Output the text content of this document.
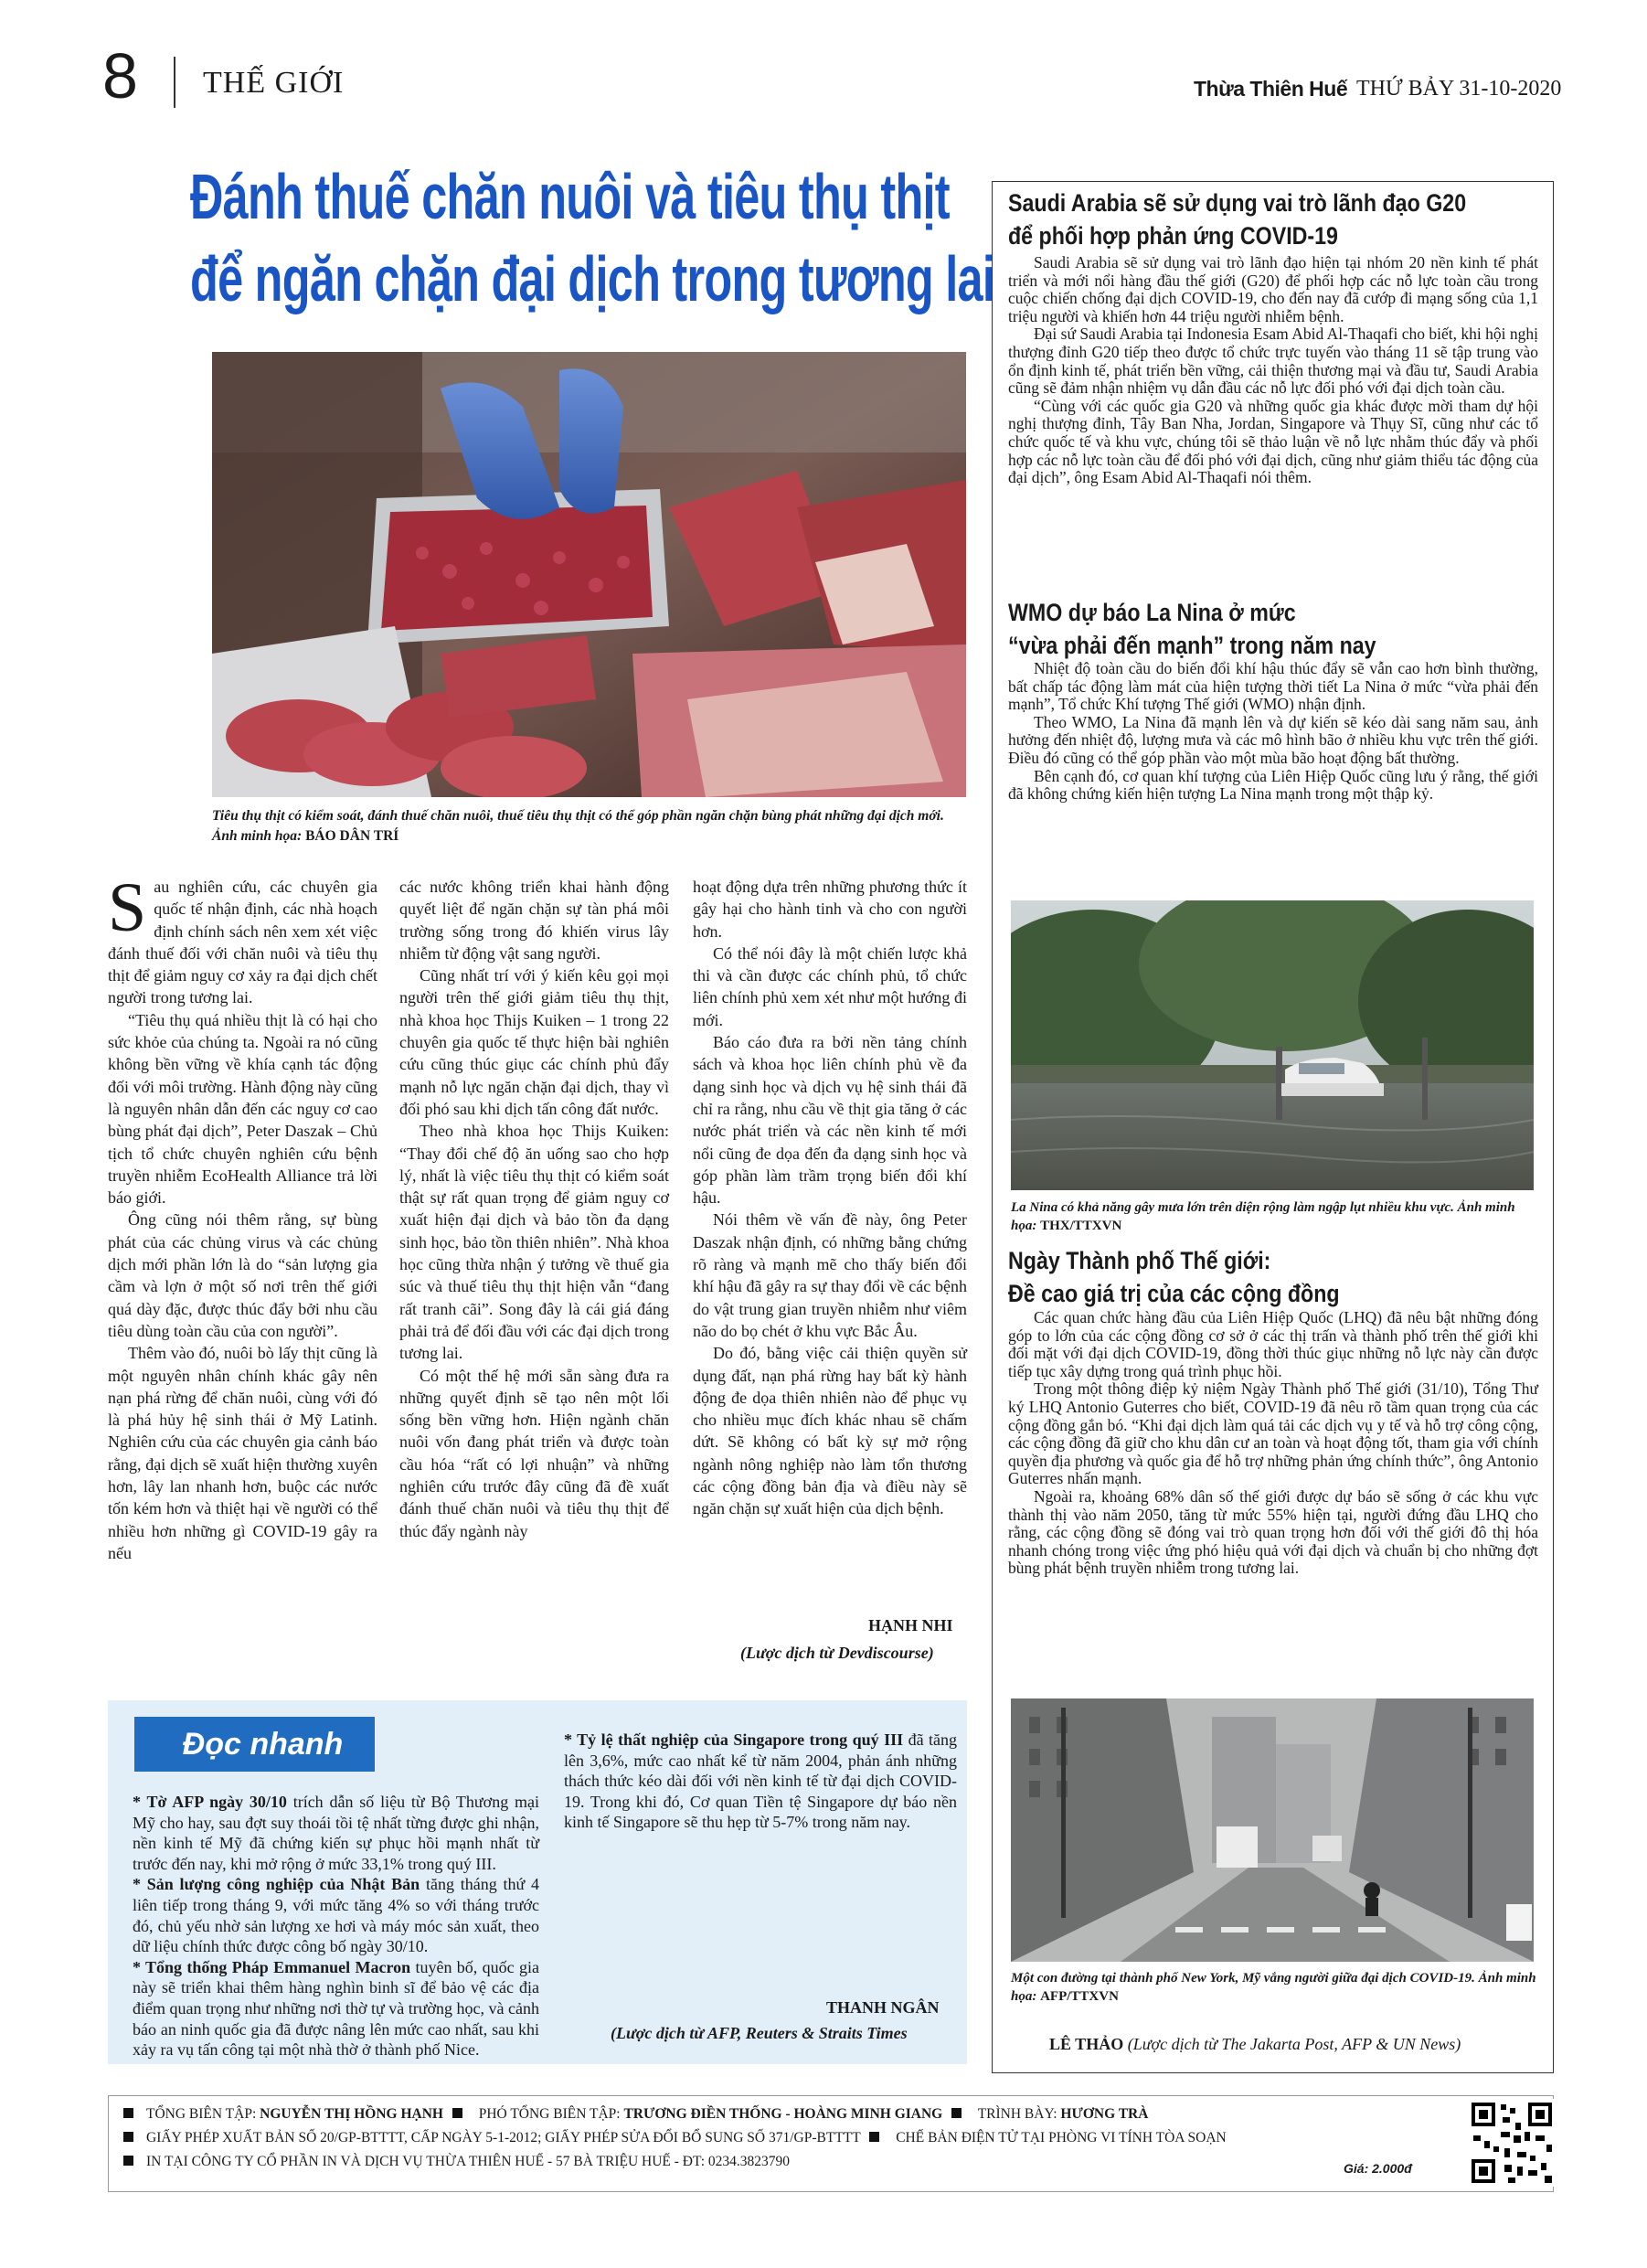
8 THẾ GIỚI	Thừa Thiên Huế THỨ BẢY 31-10-2020
Đánh thuế chăn nuôi và tiêu thụ thịt
để ngăn chặn đại dịch trong tương lai
Tiêu thụ thịt có kiểm soát, đánh thuế chăn nuôi, thuế tiêu thụ thịt có thể góp phần ngăn chặn bùng phát những đại dịch mới. Ảnh minh họa: BÁO DÂN TRÍ

Sau nghiên cứu, các chuyên gia quốc tế nhận định, các nhà hoạch định chính sách nên xem xét việc đánh thuế đối với chăn nuôi và tiêu thụ thịt để giảm nguy cơ xảy ra đại dịch chết người trong tương lai.

“Tiêu thụ quá nhiều thịt là có hại cho sức khỏe của chúng ta. Ngoài ra nó cũng không bền vững về khía cạnh tác động đối với môi trường. Hành động này cũng là nguyên nhân dẫn đến các nguy cơ cao bùng phát đại dịch”, Peter Daszak – Chủ tịch tổ chức chuyên nghiên cứu bệnh truyền nhiễm EcoHealth Alliance trả lời báo giới.

Ông cũng nói thêm rằng, sự bùng phát của các chủng virus và các chủng dịch mới phần lớn là do “sản lượng gia cầm và lợn ở một số nơi trên thế giới quá dày đặc, được thúc đẩy bởi nhu cầu tiêu dùng toàn cầu của con người”.

Thêm vào đó, nuôi bò lấy thịt cũng là một nguyên nhân chính khác gây nên nạn phá rừng để chăn nuôi, cùng với đó là phá hủy hệ sinh thái ở Mỹ Latinh. Nghiên cứu của các chuyên gia cảnh báo rằng, đại dịch sẽ xuất hiện thường xuyên hơn, lây lan nhanh hơn, buộc các nước tốn kém hơn và thiệt hại về người có thể nhiều hơn những gì COVID-19 gây ra nếu

các nước không triển khai hành động quyết liệt để ngăn chặn sự tàn phá môi trường sống trong đó khiến virus lây nhiễm từ động vật sang người.

Cũng nhất trí với ý kiến kêu gọi mọi người trên thế giới giảm tiêu thụ thịt, nhà khoa học Thijs Kuiken – 1 trong 22 chuyên gia quốc tế thực hiện bài nghiên cứu cũng thúc giục các chính phủ đẩy mạnh nỗ lực ngăn chặn đại dịch, thay vì đối phó sau khi dịch tấn công đất nước.

Theo nhà khoa học Thijs Kuiken: “Thay đổi chế độ ăn uống sao cho hợp lý, nhất là việc tiêu thụ thịt có kiểm soát thật sự rất quan trọng để giảm nguy cơ xuất hiện đại dịch và bảo tồn đa dạng sinh học, bảo tồn thiên nhiên”. Nhà khoa học cũng thừa nhận ý tưởng về thuế gia súc và thuế tiêu thụ thịt hiện vẫn “đang rất tranh cãi”. Song đây là cái giá đáng phải trả để đối đầu với các đại dịch trong tương lai.

Có một thế hệ mới sẵn sàng đưa ra những quyết định sẽ tạo nên một lối sống bền vững hơn. Hiện ngành chăn nuôi vốn đang phát triển và được toàn cầu hóa “rất có lợi nhuận” và những nghiên cứu trước đây cũng đã đề xuất đánh thuế chăn nuôi và tiêu thụ thịt để thúc đẩy ngành này

hoạt động dựa trên những phương thức ít gây hại cho hành tinh và cho con người hơn.

Có thể nói đây là một chiến lược khả thi và cần được các chính phủ, tổ chức liên chính phủ xem xét như một hướng đi mới.

Báo cáo đưa ra bởi nền tảng chính sách và khoa học liên chính phủ về đa dạng sinh học và dịch vụ hệ sinh thái đã chỉ ra rằng, nhu cầu về thịt gia tăng ở các nước phát triển và các nền kinh tế mới nổi cũng đe dọa đến đa dạng sinh học và góp phần làm trầm trọng biến đổi khí hậu.

Nói thêm về vấn đề này, ông Peter Daszak nhận định, có những bằng chứng rõ ràng và mạnh mẽ cho thấy biến đổi khí hậu đã gây ra sự thay đổi về các bệnh do vật trung gian truyền nhiễm như viêm não do bọ chét ở khu vực Bắc Âu.

Do đó, bằng việc cải thiện quyền sử dụng đất, nạn phá rừng hay bất kỳ hành động đe dọa thiên nhiên nào để phục vụ cho nhiều mục đích khác nhau sẽ chấm dứt. Sẽ không có bất kỳ sự mở rộng ngành nông nghiệp nào làm tổn thương các cộng đồng bản địa và điều này sẽ ngăn chặn sự xuất hiện của dịch bệnh.

HẠNH NHI
(Lược dịch từ Devdiscourse)
Đọc nhanh
* Tờ AFP ngày 30/10 trích dẫn số liệu từ Bộ Thương mại Mỹ cho hay, sau đợt suy thoái tồi tệ nhất từng được ghi nhận, nền kinh tế Mỹ đã chứng kiến sự phục hồi mạnh nhất từ trước đến nay, khi mở rộng ở mức 33,1% trong quý III.
* Sản lượng công nghiệp của Nhật Bản tăng tháng thứ 4 liên tiếp trong tháng 9, với mức tăng 4% so với tháng trước đó, chủ yếu nhờ sản lượng xe hơi và máy móc sản xuất, theo dữ liệu chính thức được công bố ngày 30/10.
* Tổng thống Pháp Emmanuel Macron tuyên bố, quốc gia này sẽ triển khai thêm hàng nghìn binh sĩ để bảo vệ các địa điểm quan trọng như những nơi thờ tự và trường học, và cảnh báo an ninh quốc gia đã được nâng lên mức cao nhất, sau khi xảy ra vụ tấn công tại một nhà thờ ở thành phố Nice.
* Tỷ lệ thất nghiệp của Singapore trong quý III đã tăng lên 3,6%, mức cao nhất kể từ năm 2004, phản ánh những thách thức kéo dài đối với nền kinh tế từ đại dịch COVID-19. Trong khi đó, Cơ quan Tiền tệ Singapore dự báo nền kinh tế Singapore sẽ thu hẹp từ 5-7% trong năm nay.
THANH NGÂN
(Lược dịch từ AFP, Reuters & Straits Times
Saudi Arabia sẽ sử dụng vai trò lãnh đạo G20
để phối hợp phản ứng COVID-19

Saudi Arabia sẽ sử dụng vai trò lãnh đạo hiện tại nhóm 20 nền kinh tế phát triển và mới nổi hàng đầu thế giới (G20) để phối hợp các nỗ lực toàn cầu trong cuộc chiến chống đại dịch COVID-19, cho đến nay đã cướp đi mạng sống của 1,1 triệu người và khiến hơn 44 triệu người nhiễm bệnh.

Đại sứ Saudi Arabia tại Indonesia Esam Abid Al-Thaqafi cho biết, khi hội nghị thượng đỉnh G20 tiếp theo được tổ chức trực tuyến vào tháng 11 sẽ tập trung vào ổn định kinh tế, phát triển bền vững, cải thiện thương mại và đầu tư, Saudi Arabia cũng sẽ đảm nhận nhiệm vụ dẫn đầu các nỗ lực đối phó với đại dịch toàn cầu.

“Cùng với các quốc gia G20 và những quốc gia khác được mời tham dự hội nghị thượng đỉnh, Tây Ban Nha, Jordan, Singapore và Thụy Sĩ, cũng như các tổ chức quốc tế và khu vực, chúng tôi sẽ thảo luận về nỗ lực nhằm thúc đẩy và phối hợp các nỗ lực toàn cầu để đối phó với đại dịch, cũng như giảm thiểu tác động của đại dịch”, ông Esam Abid Al-Thaqafi nói thêm.

WMO dự báo La Nina ở mức
“vừa phải đến mạnh” trong năm nay

Nhiệt độ toàn cầu do biến đổi khí hậu thúc đẩy sẽ vẫn cao hơn bình thường, bất chấp tác động làm mát của hiện tượng thời tiết La Nina ở mức “vừa phải đến mạnh”, Tổ chức Khí tượng Thế giới (WMO) nhận định.

Theo WMO, La Nina đã mạnh lên và dự kiến sẽ kéo dài sang năm sau, ảnh hưởng đến nhiệt độ, lượng mưa và các mô hình bão ở nhiều khu vực trên thế giới. Điều đó cũng có thể góp phần vào một mùa bão hoạt động bất thường.

Bên cạnh đó, cơ quan khí tượng của Liên Hiệp Quốc cũng lưu ý rằng, thế giới đã không chứng kiến hiện tượng La Nina mạnh trong một thập kỷ.

La Nina có khả năng gây mưa lớn trên diện rộng làm ngập lụt nhiều khu vực. Ảnh minh họa: THX/TTXVN
Ngày Thành phố Thế giới:
Đề cao giá trị của các cộng đồng

Các quan chức hàng đầu của Liên Hiệp Quốc (LHQ) đã nêu bật những đóng góp to lớn của các cộng đồng cơ sở ở các thị trấn và thành phố trên thế giới khi đối mặt với đại dịch COVID-19, đồng thời thúc giục những nỗ lực này cần được tiếp tục xây dựng trong quá trình phục hồi.

Trong một thông điệp kỷ niệm Ngày Thành phố Thế giới (31/10), Tổng Thư ký LHQ Antonio Guterres cho biết, COVID-19 đã nêu rõ tầm quan trọng của các cộng đồng gắn bó. “Khi đại dịch làm quá tải các dịch vụ y tế và hỗ trợ công cộng, các cộng đồng đã giữ cho khu dân cư an toàn và hoạt động tốt, tham gia với chính quyền địa phương và quốc gia để hỗ trợ những phản ứng chính thức”, ông Antonio Guterres nhấn mạnh.

Ngoài ra, khoảng 68% dân số thế giới được dự báo sẽ sống ở các khu vực thành thị vào năm 2050, tăng từ mức 55% hiện tại, người đứng đầu LHQ cho rằng, các cộng đồng sẽ đóng vai trò quan trọng hơn đối với thế giới đô thị hóa nhanh chóng trong việc ứng phó hiệu quả với đại dịch và chuẩn bị cho những đợt bùng phát bệnh truyền nhiễm trong tương lai.

Một con đường tại thành phố New York, Mỹ vắng người giữa đại dịch COVID-19. Ảnh minh họa: AFP/TTXVN
LÊ THẢO (Lược dịch từ The Jakarta Post, AFP & UN News)
TỔNG BIÊN TẬP: NGUYỄN THỊ HỒNG HẠNH  PHÓ TỔNG BIÊN TẬP: TRƯƠNG ĐIỀN THỐNG - HOÀNG MINH GIANG  TRÌNH BÀY: HƯƠNG TRÀ
GIẤY PHÉP XUẤT BẢN SỐ 20/GP-BTTTT, CẤP NGÀY 5-1-2012; GIẤY PHÉP SỬA ĐỔI BỔ SUNG SỐ 371/GP-BTTTT  CHẾ BẢN ĐIỆN TỬ TẠI PHÒNG VI TÍNH TÒA SOẠN
IN TẠI CÔNG TY CỔ PHẦN IN VÀ DỊCH VỤ THỪA THIÊN HUẾ - 57 BÀ TRIỆU HUẾ - ĐT: 0234.3823790	Giá: 2.000đ
